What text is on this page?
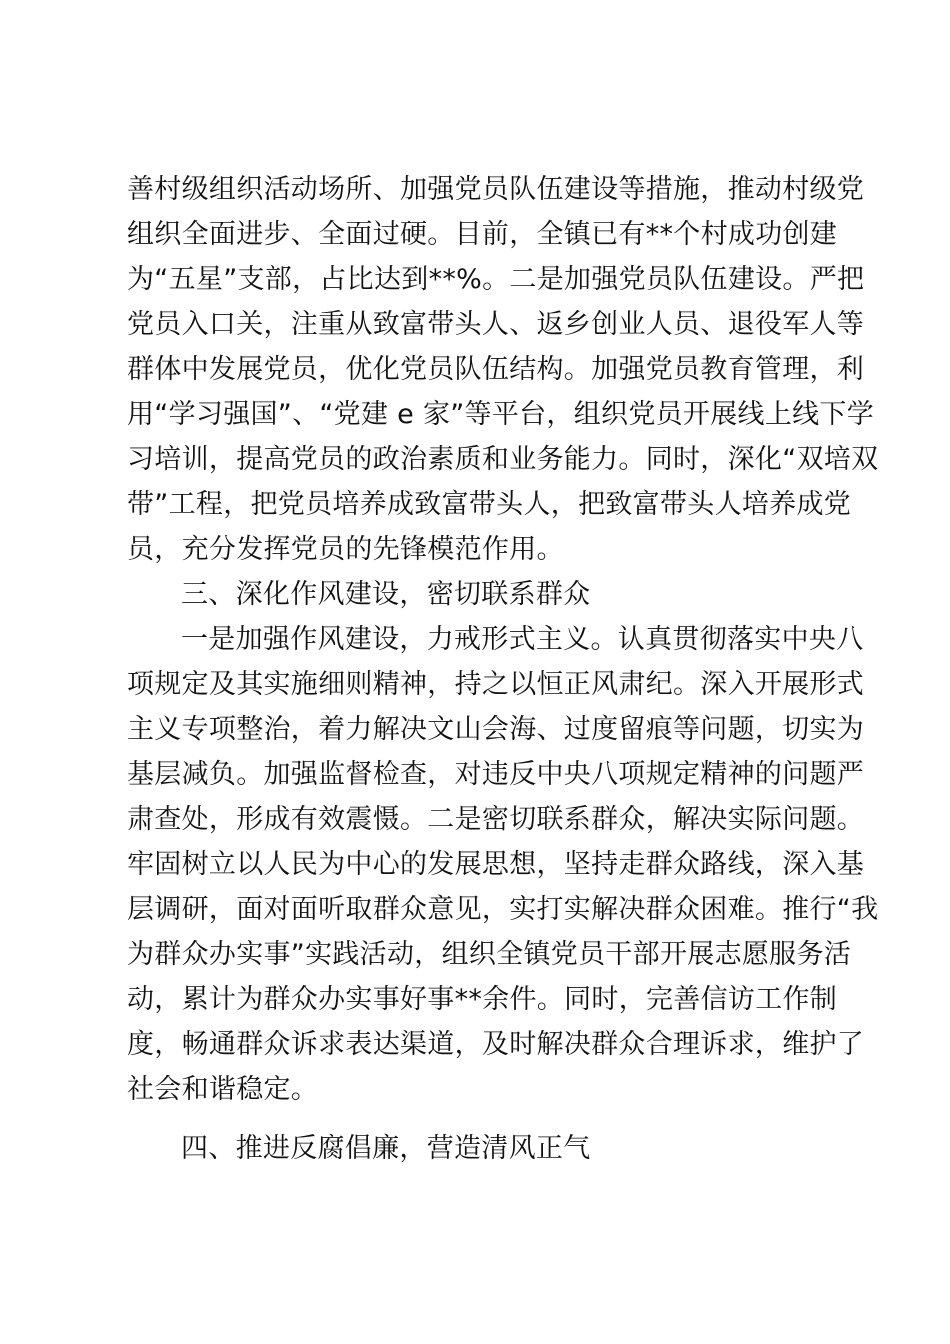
善村级组织活动场所、加强党员队伍建设等措施，推动村级党
组织全面进步、全面过硬。目前，全镇已有**个村成功创建
为“五星”支部，占比达到**%。二是加强党员队伍建设。严把
党员入口关，注重从致富带头人、返乡创业人员、退役军人等
群体中发展党员，优化党员队伍结构。加强党员教育管理，利
用“学习强国”、“党建 e 家”等平台，组织党员开展线上线下学
习培训，提高党员的政治素质和业务能力。同时，深化“双培双
带”工程，把党员培养成致富带头人，把致富带头人培养成党
员，充分发挥党员的先锋模范作用。
三、深化作风建设，密切联系群众
一是加强作风建设，力戒形式主义。认真贯彻落实中央八
项规定及其实施细则精神，持之以恒正风肃纪。深入开展形式
主义专项整治，着力解决文山会海、过度留痕等问题，切实为
基层减负。加强监督检查，对违反中央八项规定精神的问题严
肃查处，形成有效震慑。二是密切联系群众，解决实际问题。
牢固树立以人民为中心的发展思想，坚持走群众路线，深入基
层调研，面对面听取群众意见，实打实解决群众困难。推行“我
为群众办实事”实践活动，组织全镇党员干部开展志愿服务活
动，累计为群众办实事好事**余件。同时，完善信访工作制
度，畅通群众诉求表达渠道，及时解决群众合理诉求，维护了
社会和谐稳定。
四、推进反腐倡廉，营造清风正气
